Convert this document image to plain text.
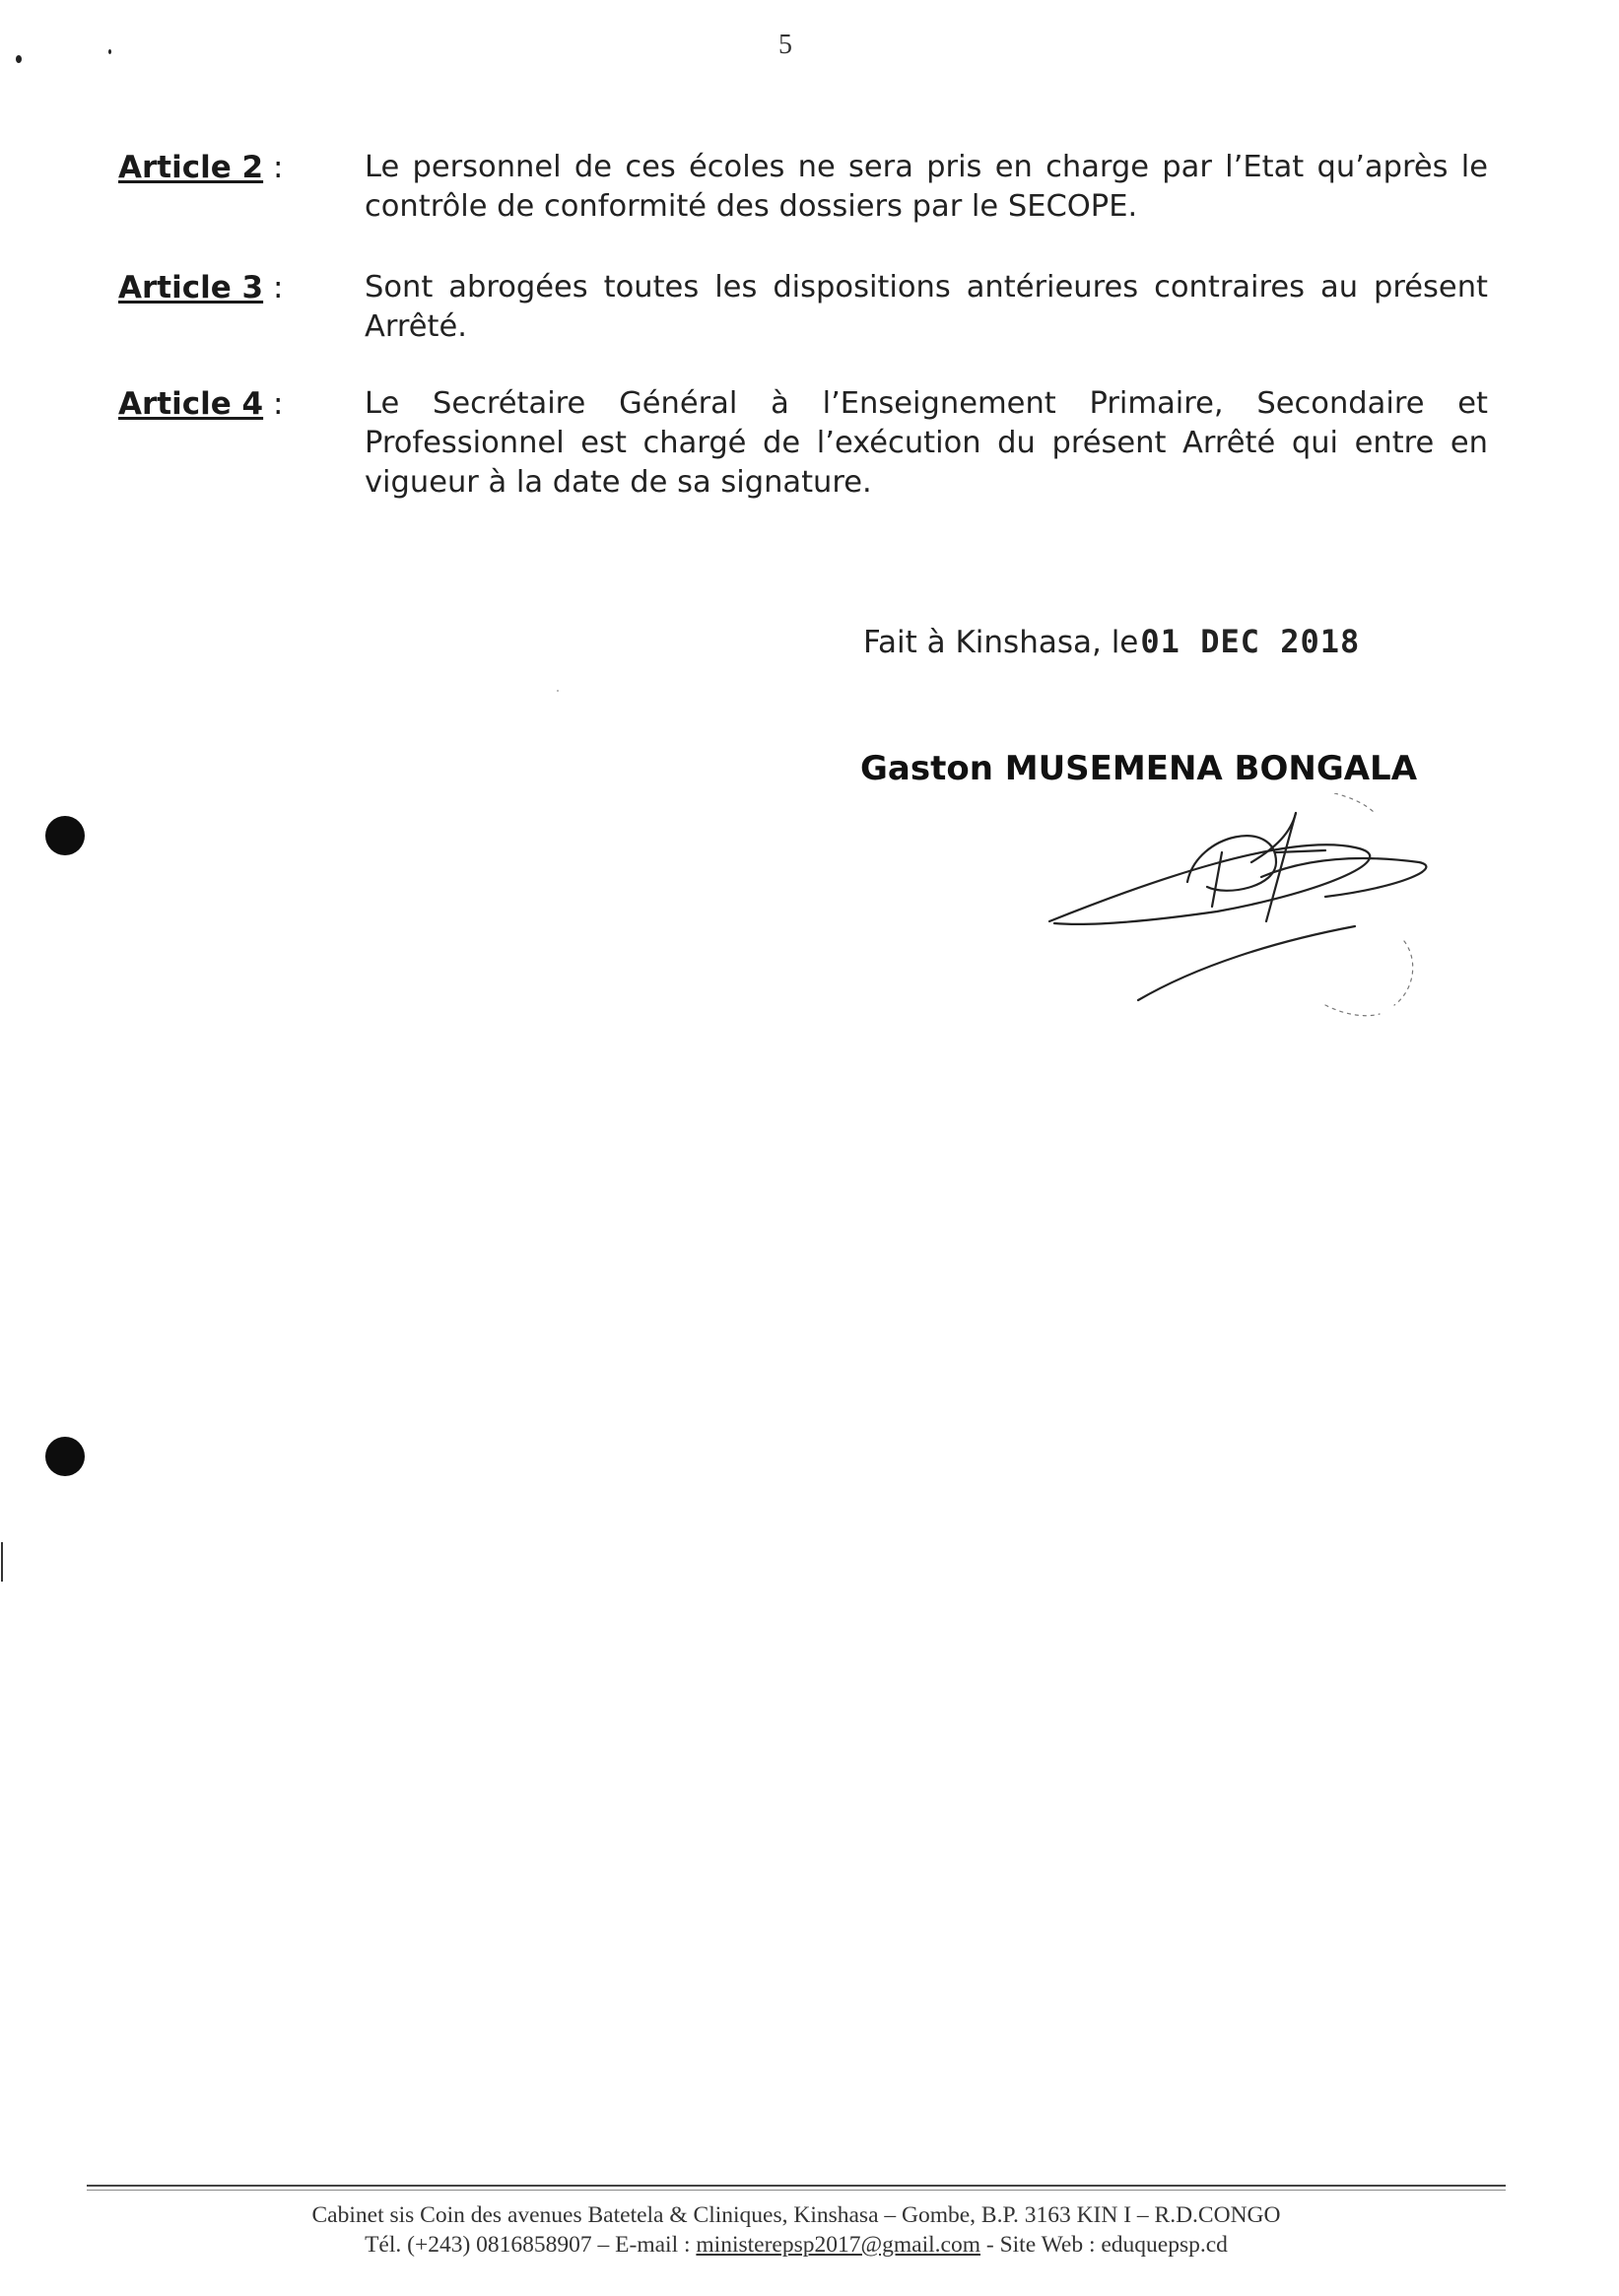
5
Article 2 :	Le personnel de ces écoles ne sera pris en charge par l’Etat qu’après le contrôle de conformité des dossiers par le SECOPE.
Article 3 :	Sont abrogées toutes les dispositions antérieures contraires au présent Arrêté.
Article 4 :	Le Secrétaire Général à l’Enseignement Primaire, Secondaire et Professionnel est chargé de l’exécution du présent Arrêté qui entre en vigueur à la date de sa signature.
Fait à Kinshasa, le01 DEC 2018
Gaston MUSEMENA BONGALA
Cabinet sis Coin des avenues Batetela & Cliniques, Kinshasa – Gombe, B.P. 3163 KIN I – R.D.CONGO
Tél. (+243) 0816858907 – E-mail : ministerepsp2017@gmail.com - Site Web : eduquepsp.cd
